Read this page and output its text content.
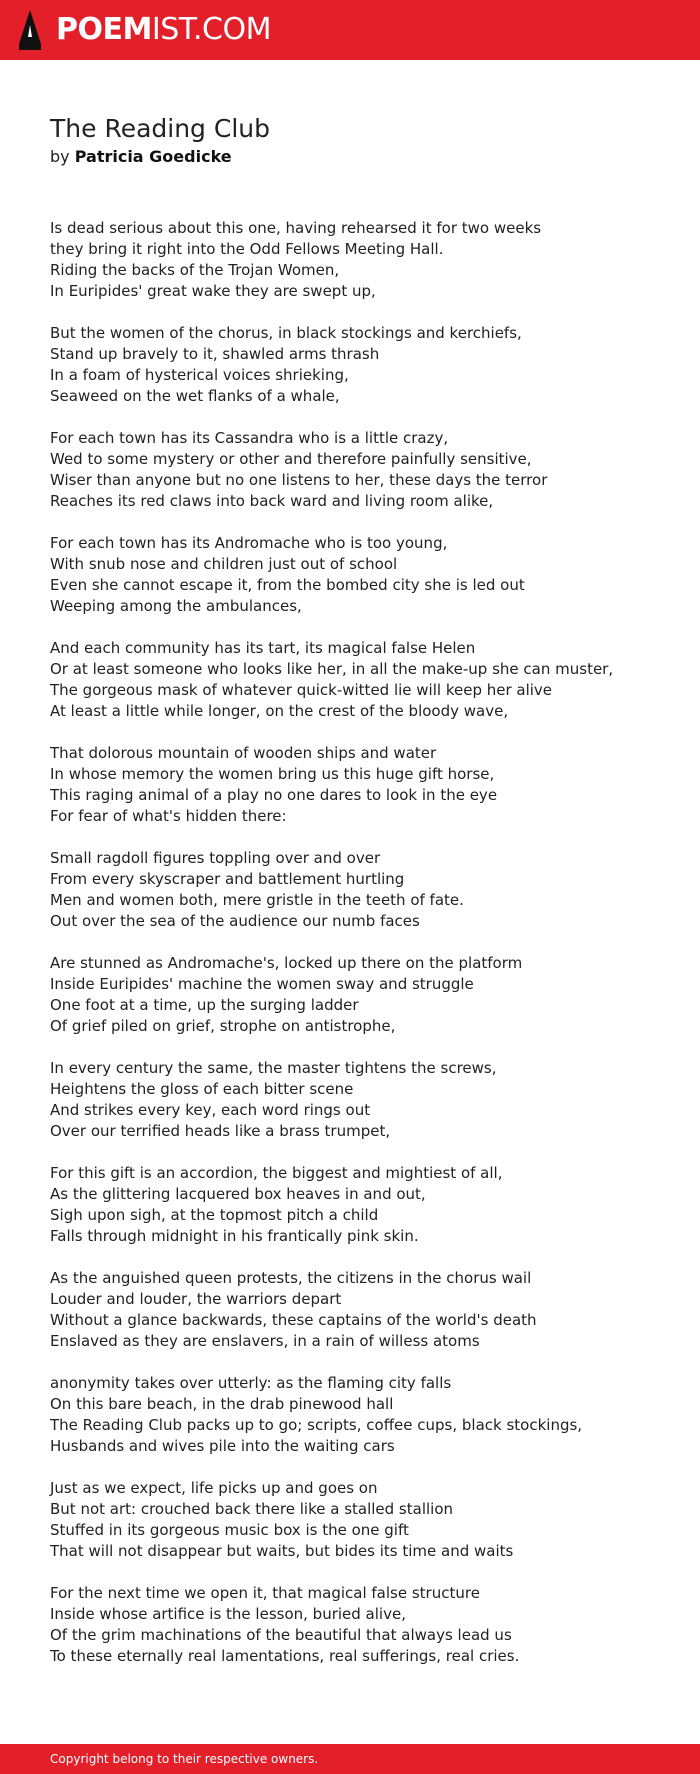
POEMIST.COM
The Reading Club
by Patricia Goedicke
Is dead serious about this one, having rehearsed it for two weeks
they bring it right into the Odd Fellows Meeting Hall.
Riding the backs of the Trojan Women,
In Euripides' great wake they are swept up,
But the women of the chorus, in black stockings and kerchiefs,
Stand up bravely to it, shawled arms thrash
In a foam of hysterical voices shrieking,
Seaweed on the wet flanks of a whale,
For each town has its Cassandra who is a little crazy,
Wed to some mystery or other and therefore painfully sensitive,
Wiser than anyone but no one listens to her, these days the terror
Reaches its red claws into back ward and living room alike,
For each town has its Andromache who is too young,
With snub nose and children just out of school
Even she cannot escape it, from the bombed city she is led out
Weeping among the ambulances,
And each community has its tart, its magical false Helen
Or at least someone who looks like her, in all the make-up she can muster,
The gorgeous mask of whatever quick-witted lie will keep her alive
At least a little while longer, on the crest of the bloody wave,
That dolorous mountain of wooden ships and water
In whose memory the women bring us this huge gift horse,
This raging animal of a play no one dares to look in the eye
For fear of what's hidden there:
Small ragdoll figures toppling over and over
From every skyscraper and battlement hurtling
Men and women both, mere gristle in the teeth of fate.
Out over the sea of the audience our numb faces
Are stunned as Andromache's, locked up there on the platform
Inside Euripides' machine the women sway and struggle
One foot at a time, up the surging ladder
Of grief piled on grief, strophe on antistrophe,
In every century the same, the master tightens the screws,
Heightens the gloss of each bitter scene
And strikes every key, each word rings out
Over our terrified heads like a brass trumpet,
For this gift is an accordion, the biggest and mightiest of all,
As the glittering lacquered box heaves in and out,
Sigh upon sigh, at the topmost pitch a child
Falls through midnight in his frantically pink skin.
As the anguished queen protests, the citizens in the chorus wail
Louder and louder, the warriors depart
Without a glance backwards, these captains of the world's death
Enslaved as they are enslavers, in a rain of willess atoms
anonymity takes over utterly: as the flaming city falls
On this bare beach, in the drab pinewood hall
The Reading Club packs up to go; scripts, coffee cups, black stockings,
Husbands and wives pile into the waiting cars
Just as we expect, life picks up and goes on
But not art: crouched back there like a stalled stallion
Stuffed in its gorgeous music box is the one gift
That will not disappear but waits, but bides its time and waits
For the next time we open it, that magical false structure
Inside whose artifice is the lesson, buried alive,
Of the grim machinations of the beautiful that always lead us
To these eternally real lamentations, real sufferings, real cries.
Copyright belong to their respective owners.
